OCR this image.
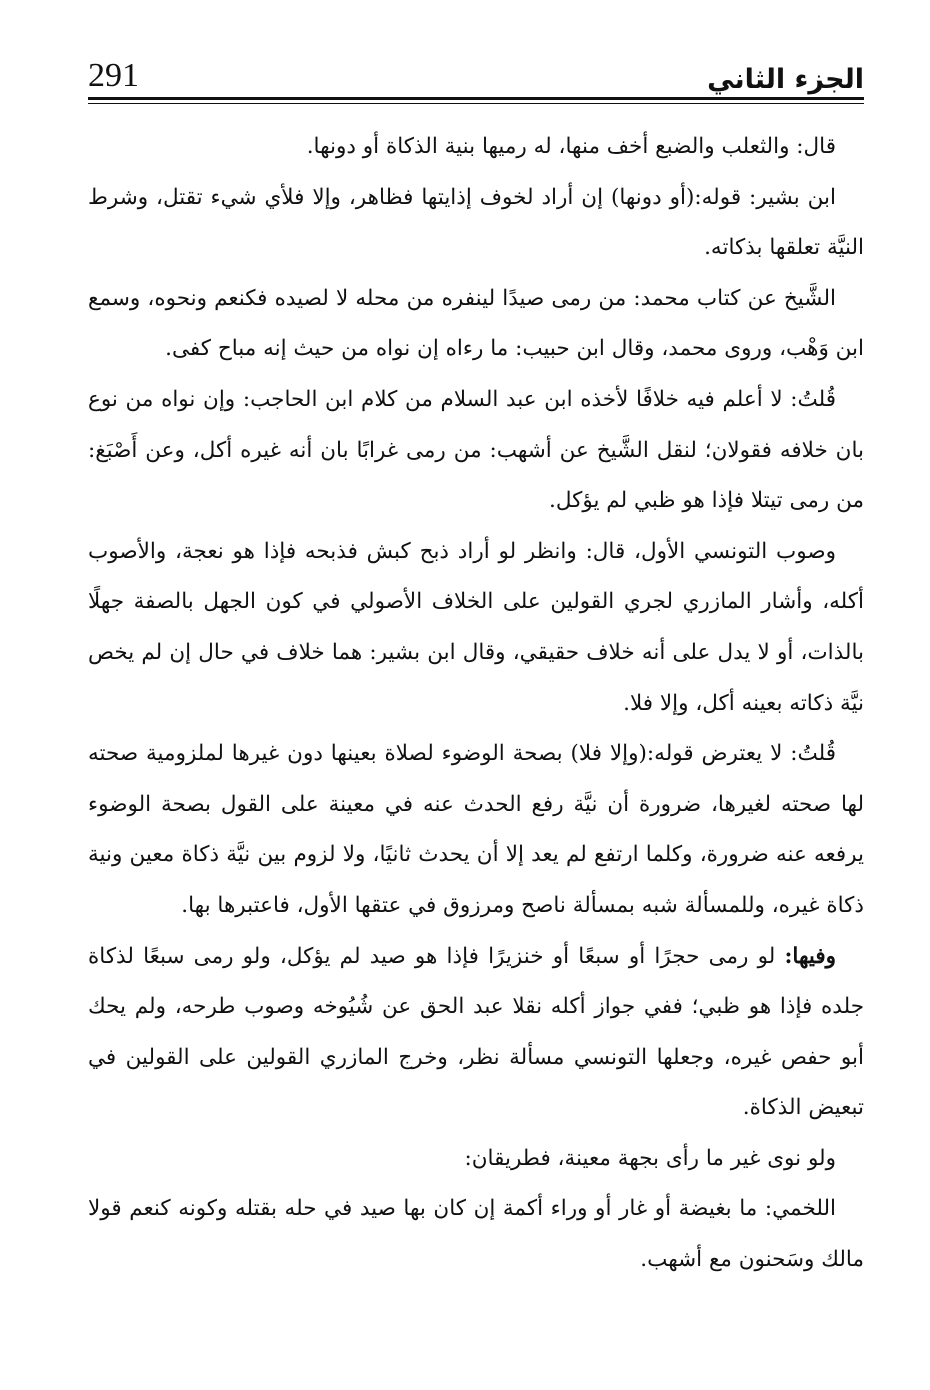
291	الجزء الثاني

قال: والثعلب والضبع أخف منها، له رميها بنية الذكاة أو دونها.

ابن بشير: قوله:(أو دونها) إن أراد لخوف إذايتها فظاهر، وإلا فلأي شيء تقتل، وشرط النيَّة تعلقها بذكاته.

الشَّيخ عن كتاب محمد: من رمى صيدًا لينفره من محله لا لصيده فكنعم ونحوه، وسمع ابن وَهْب، وروى محمد، وقال ابن حبيب: ما رءاه إن نواه من حيث إنه مباح كفى.

قُلتُ: لا أعلم فيه خلافًا لأخذه ابن عبد السلام من كلام ابن الحاجب: وإن نواه من نوع بان خلافه فقولان؛ لنقل الشَّيخ عن أشهب: من رمى غرابًا بان أنه غيره أكل، وعن أَصْبَغ: من رمى تيتلا فإذا هو ظبي لم يؤكل.

وصوب التونسي الأول، قال: وانظر لو أراد ذبح كبش فذبحه فإذا هو نعجة، والأصوب أكله، وأشار المازري لجري القولين على الخلاف الأصولي في كون الجهل بالصفة جهلًا بالذات، أو لا يدل على أنه خلاف حقيقي، وقال ابن بشير: هما خلاف في حال إن لم يخص نيَّة ذكاته بعينه أكل، وإلا فلا.

قُلتُ: لا يعترض قوله:(وإلا فلا) بصحة الوضوء لصلاة بعينها دون غيرها لملزومية صحته لها صحته لغيرها، ضرورة أن نيَّة رفع الحدث عنه في معينة على القول بصحة الوضوء يرفعه عنه ضرورة، وكلما ارتفع لم يعد إلا أن يحدث ثانيًا، ولا لزوم بين نيَّة ذكاة معين ونية ذكاة غيره، وللمسألة شبه بمسألة ناصح ومرزوق في عتقها الأول، فاعتبرها بها.

وفيها: لو رمى حجرًا أو سبعًا أو خنزيرًا فإذا هو صيد لم يؤكل، ولو رمى سبعًا لذكاة جلده فإذا هو ظبي؛ ففي جواز أكله نقلا عبد الحق عن شُيُوخه وصوب طرحه، ولم يحك أبو حفص غيره، وجعلها التونسي مسألة نظر، وخرج المازري القولين على القولين في تبعيض الذكاة.

ولو نوى غير ما رأى بجهة معينة، فطريقان:

اللخمي: ما بغيضة أو غار أو وراء أكمة إن كان بها صيد في حله بقتله وكونه كنعم قولا مالك وسَحنون مع أشهب.
